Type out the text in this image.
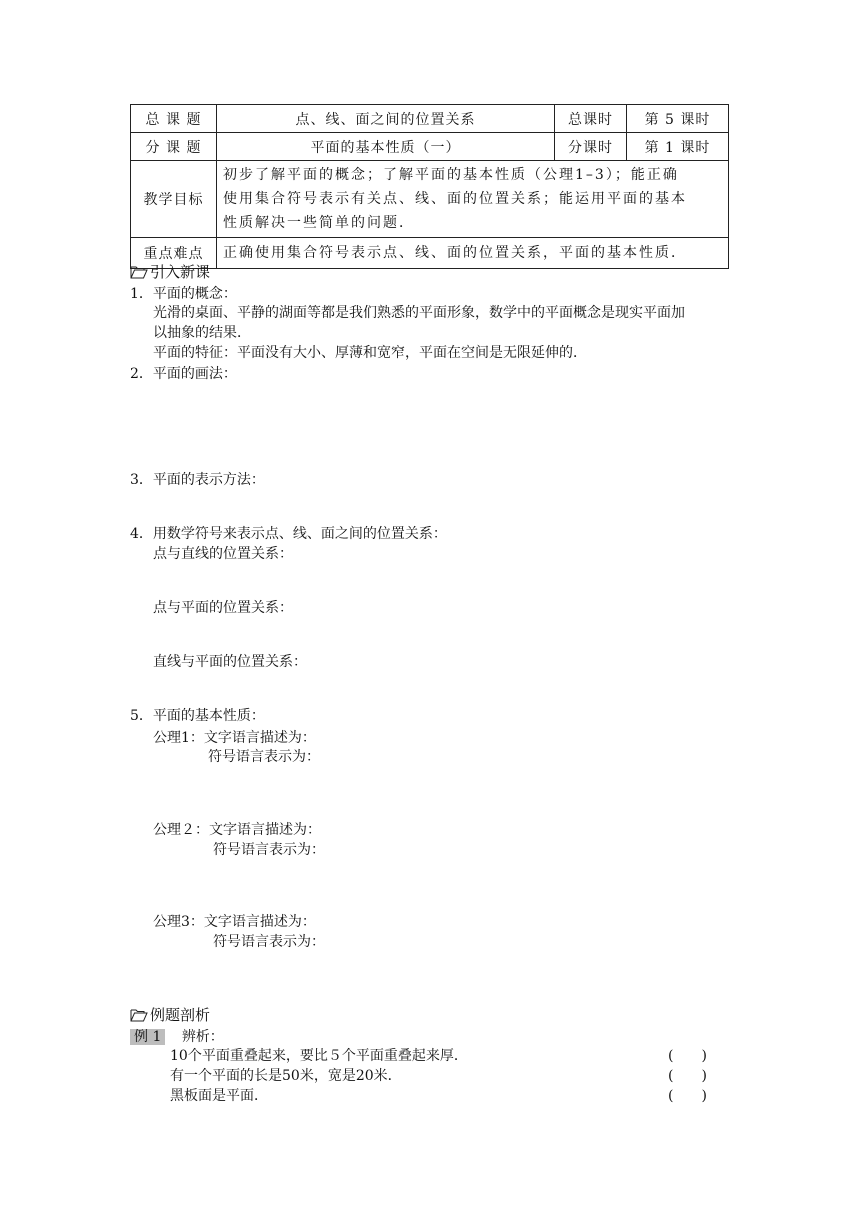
总 课 题	点、线、面之间的位置关系	总课时	第 5 课时
分 课 题	平面的基本性质（一）	分课时	第 1 课时
教学目标	初步了解平面的概念；了解平面的基本性质（公理1–3）；能正确
使用集合符号表示有关点、线、面的位置关系；能运用平面的基本
性质解决一些简单的问题．		

重点难点	正确使用集合符号表示点、线、面的位置关系，平面的基本性质．		
引入新课
1．平面的概念：
光滑的桌面、平静的湖面等都是我们熟悉的平面形象，数学中的平面概念是现实平面加
以抽象的结果．
平面的特征：平面没有大小、厚薄和宽窄，平面在空间是无限延伸的．
2．平面的画法：
3．平面的表示方法：
4．用数学符号来表示点、线、面之间的位置关系：
点与直线的位置关系：
点与平面的位置关系：
直线与平面的位置关系：
5．平面的基本性质：
公理1：文字语言描述为：
符号语言表示为：
公理２：文字语言描述为：
符号语言表示为：
公理3：文字语言描述为：
符号语言表示为：
例题剖析
例 1 辨析：
10个平面重叠起来，要比５个平面重叠起来厚．	(　　)
有一个平面的长是50米，宽是20米．	(　　)
黑板面是平面．	(　　)
